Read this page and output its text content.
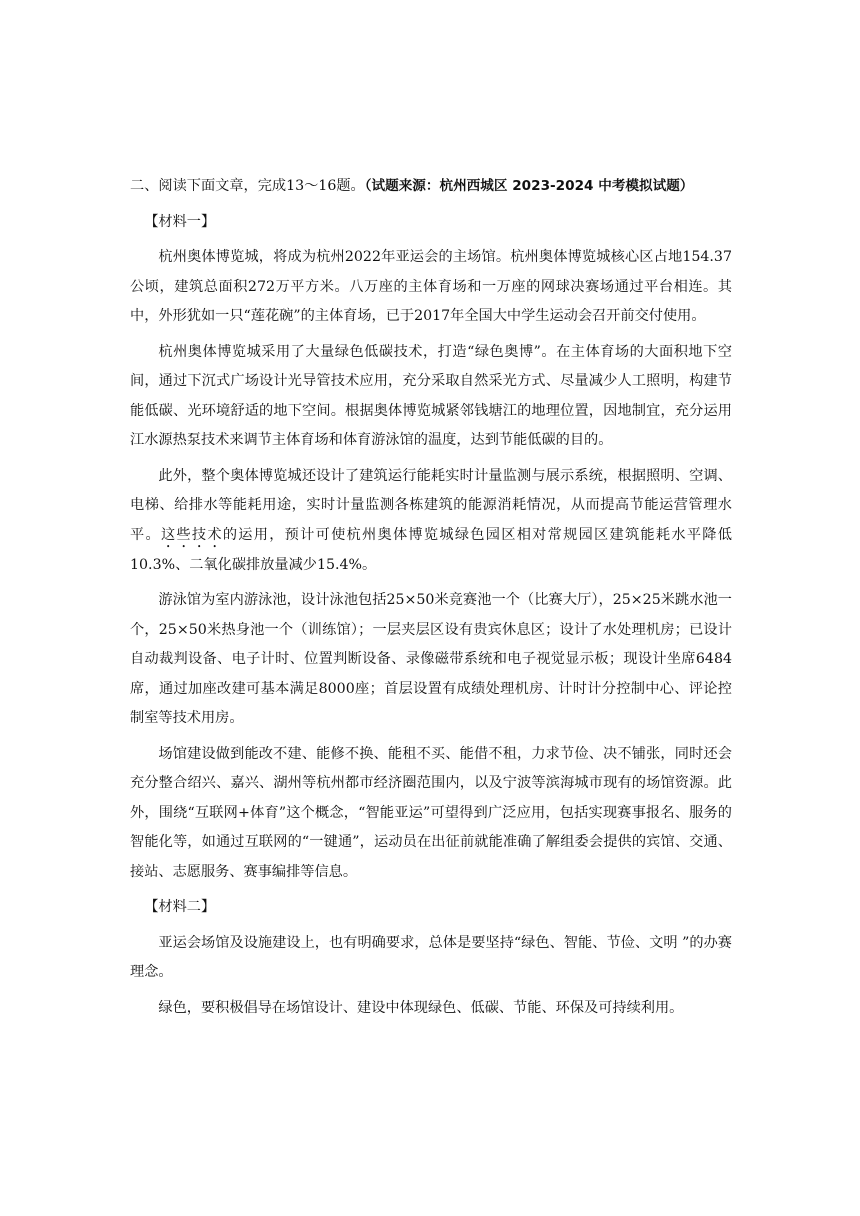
二、阅读下面文章，完成13～16题。（试题来源：杭州西城区 2023-2024 中考模拟试题）

【材料一】

杭州奥体博览城，将成为杭州2022年亚运会的主场馆。杭州奥体博览城核心区占地154.37公顷，建筑总面积272万平方米。八万座的主体育场和一万座的网球决赛场通过平台相连。其中，外形犹如一只“莲花碗”的主体育场，已于2017年全国大中学生运动会召开前交付使用。

杭州奥体博览城采用了大量绿色低碳技术，打造“绿色奥博”。在主体育场的大面积地下空间，通过下沉式广场设计光导管技术应用，充分采取自然采光方式、尽量减少人工照明，构建节能低碳、光环境舒适的地下空间。根据奥体博览城紧邻钱塘江的地理位置，因地制宜，充分运用江水源热泵技术来调节主体育场和体育游泳馆的温度，达到节能低碳的目的。

此外，整个奥体博览城还设计了建筑运行能耗实时计量监测与展示系统，根据照明、空调、电梯、给排水等能耗用途，实时计量监测各栋建筑的能源消耗情况，从而提高节能运营管理水平。这些技术的运用，预计可使杭州奥体博览城绿色园区相对常规园区建筑能耗水平降低10.3%、二氧化碳排放量减少15.4%。

游泳馆为室内游泳池，设计泳池包括25×50米竞赛池一个（比赛大厅），25×25米跳水池一个，25×50米热身池一个（训练馆）；一层夹层区设有贵宾休息区；设计了水处理机房；已设计自动裁判设备、电子计时、位置判断设备、录像磁带系统和电子视觉显示板；现设计坐席6484席，通过加座改建可基本满足8000座；首层设置有成绩处理机房、计时计分控制中心、评论控制室等技术用房。

场馆建设做到能改不建、能修不换、能租不买、能借不租，力求节俭、决不铺张，同时还会充分整合绍兴、嘉兴、湖州等杭州都市经济圈范围内，以及宁波等滨海城市现有的场馆资源。此外，围绕“互联网+体育”这个概念，“智能亚运”可望得到广泛应用，包括实现赛事报名、服务的智能化等，如通过互联网的“一键通”，运动员在出征前就能准确了解组委会提供的宾馆、交通、接站、志愿服务、赛事编排等信息。

【材料二】

亚运会场馆及设施建设上，也有明确要求，总体是要坚持“绿色、智能、节俭、文明 ”的办赛理念。

绿色，要积极倡导在场馆设计、建设中体现绿色、低碳、节能、环保及可持续利用。
